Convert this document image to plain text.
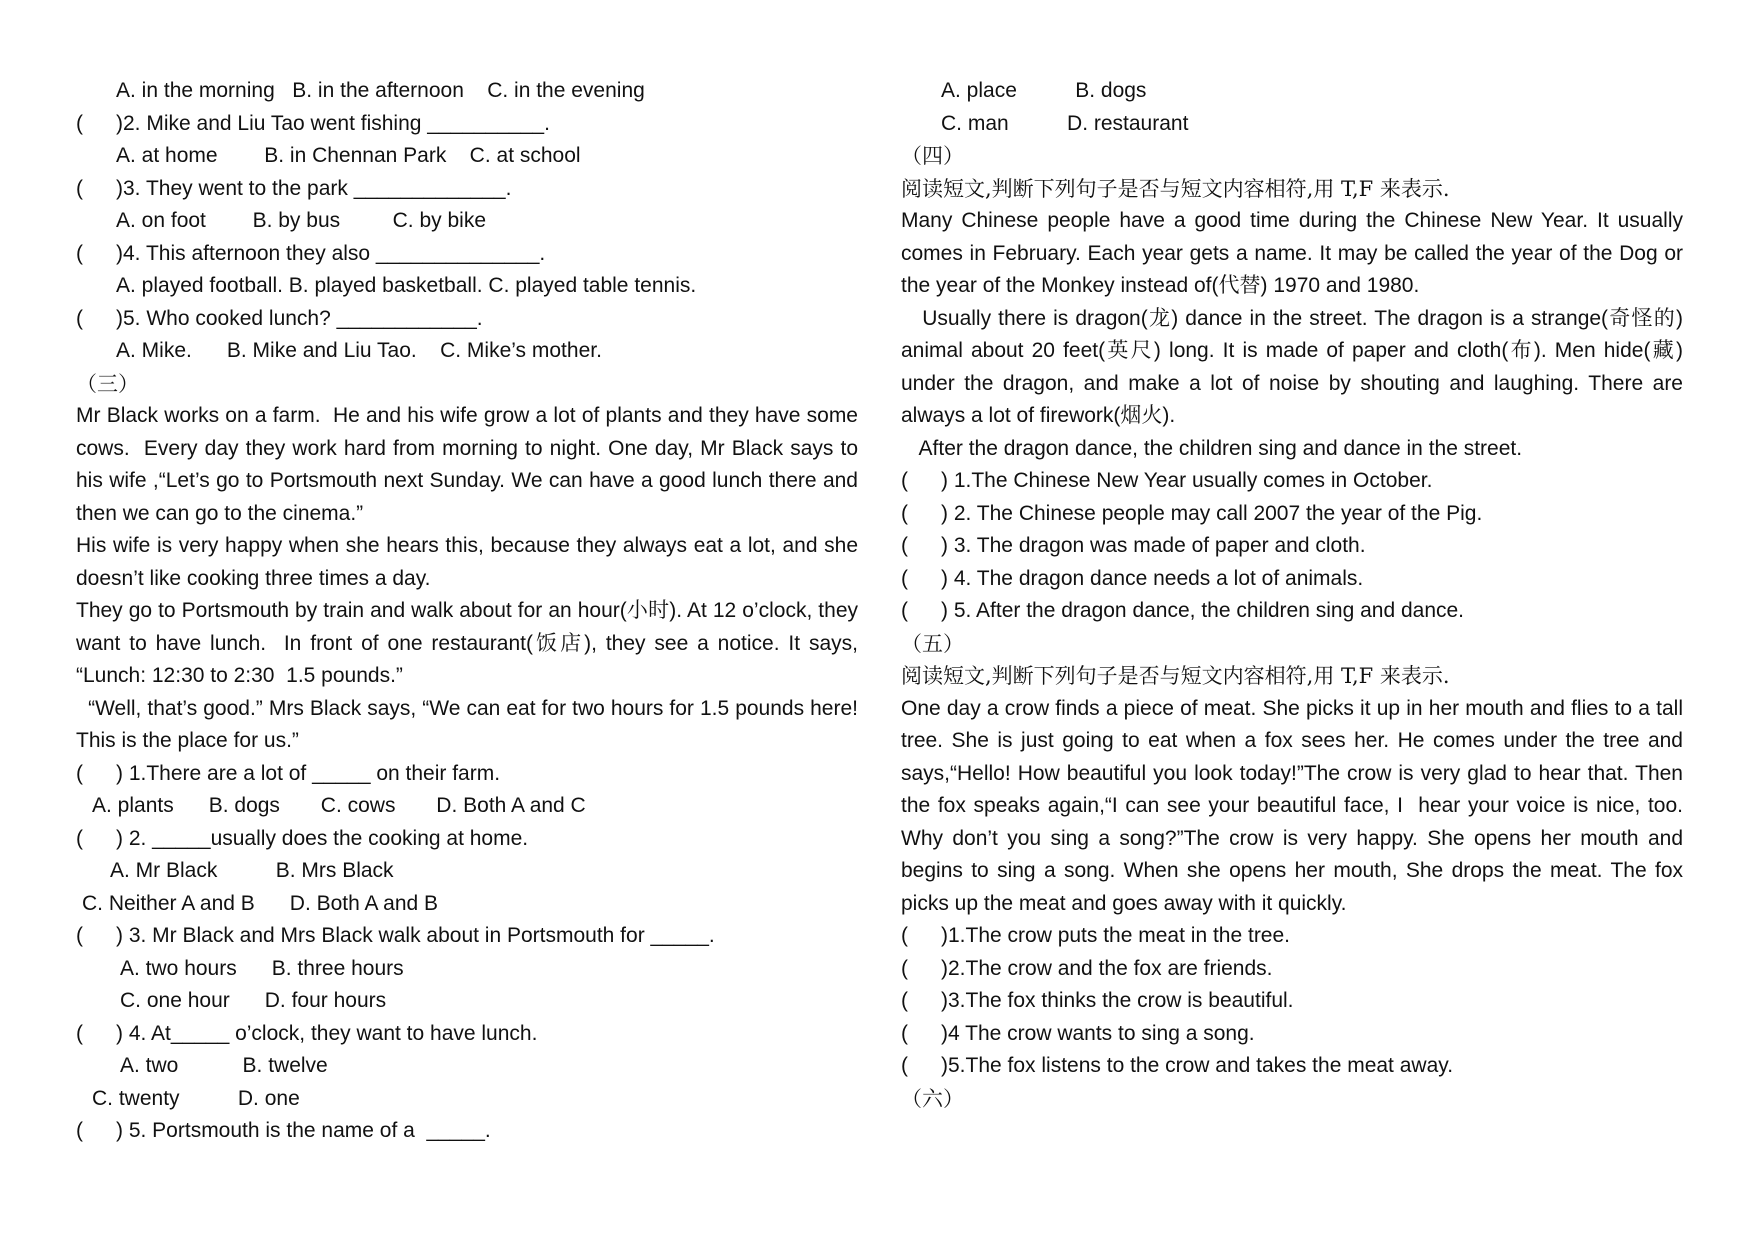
A. in the morning   B. in the afternoon    C. in the evening
( )2. Mike and Liu Tao went fishing __________.
A. at home        B. in Chennan Park    C. at school
( )3. They went to the park _____________.
A. on foot        B. by bus         C. by bike
( )4. This afternoon they also ______________.
A. played football. B. played basketball. C. played table tennis.
( )5. Who cooked lunch? ____________.
A. Mike.      B. Mike and Liu Tao.    C. Mike’s mother.
（三）
Mr Black works on a farm.  He and his wife grow a lot of plants and they have some cows.  Every day they work hard from morning to night. One day, Mr Black says to his wife ,“Let’s go to Portsmouth next Sunday. We can have a good lunch there and then we can go to the cinema.”
His wife is very happy when she hears this, because they always eat a lot, and she doesn’t like cooking three times a day.
They go to Portsmouth by train and walk about for an hour(小时). At 12 o’clock, they want to have lunch.  In front of one restaurant(饭店), they see a notice. It says, “Lunch: 12:30 to 2:30  1.5 pounds.”
“Well, that’s good.” Mrs Black says, “We can eat for two hours for 1.5 pounds here!  This is the place for us.”
( ) 1.There are a lot of _____ on their farm.
A. plants      B. dogs       C. cows       D. Both A and C
( ) 2. _____usually does the cooking at home.
A. Mr Black          B. Mrs Black
C. Neither A and B      D. Both A and B
( ) 3. Mr Black and Mrs Black walk about in Portsmouth for _____.
A. two hours      B. three hours
C. one hour      D. four hours
( ) 4. At_____ o’clock, they want to have lunch.
A. two           B. twelve
C. twenty          D. one
( ) 5. Portsmouth is the name of a  _____.
A. place          B. dogs
C. man          D. restaurant
（四）
阅读短文,判断下列句子是否与短文内容相符,用 T,F 来表示.
Many Chinese people have a good time during the Chinese New Year. It usually comes in February. Each year gets a name. It may be called the year of the Dog or the year of the Monkey instead of(代替) 1970 and 1980.
Usually there is dragon(龙) dance in the street. The dragon is a strange(奇怪的) animal about 20 feet(英尺) long. It is made of paper and cloth(布). Men hide(藏) under the dragon, and make a lot of noise by shouting and laughing. There are always a lot of firework(烟火).
After the dragon dance, the children sing and dance in the street.
( ) 1.The Chinese New Year usually comes in October.
( ) 2. The Chinese people may call 2007 the year of the Pig.
( ) 3. The dragon was made of paper and cloth.
( ) 4. The dragon dance needs a lot of animals.
( ) 5. After the dragon dance, the children sing and dance.
（五）
阅读短文,判断下列句子是否与短文内容相符,用 T,F 来表示.
One day a crow finds a piece of meat. She picks it up in her mouth and flies to a tall tree. She is just going to eat when a fox sees her. He comes under the tree and says,“Hello! How beautiful you look today!”The crow is very glad to hear that. Then the fox speaks again,“I can see your beautiful face, I  hear your voice is nice, too. Why don’t you sing a song?”The crow is very happy. She opens her mouth and begins to sing a song. When she opens her mouth, She drops the meat. The fox picks up the meat and goes away with it quickly.
( )1.The crow puts the meat in the tree.
( )2.The crow and the fox are friends.
( )3.The fox thinks the crow is beautiful.
( )4 The crow wants to sing a song.
( )5.The fox listens to the crow and takes the meat away.
（六）
